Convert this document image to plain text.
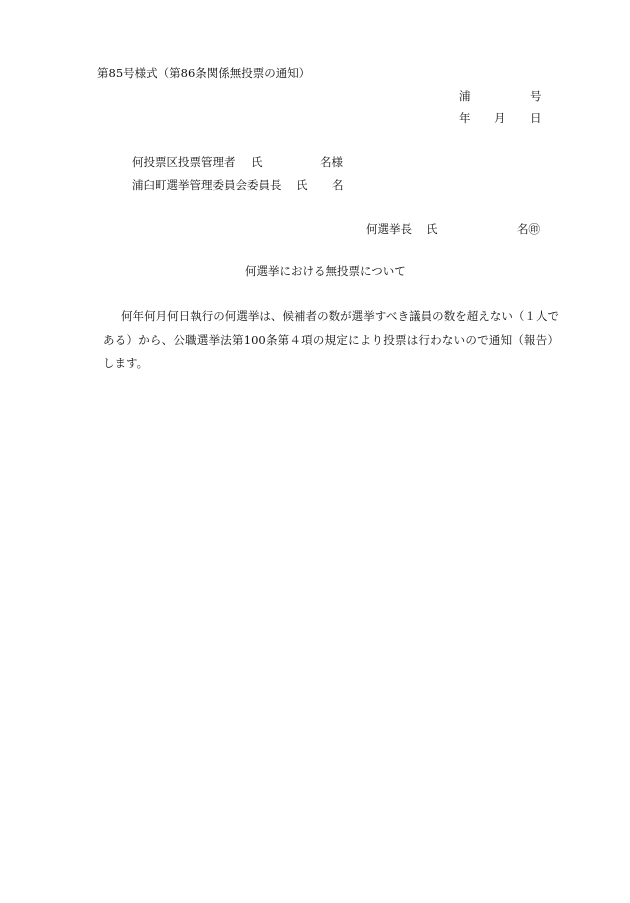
第85号様式（第86条関係無投票の通知）
浦	号
年 月 日
何投票区投票管理者 氏	名様
浦臼町選挙管理委員会委員長 氏 名
何選挙長 氏	名㊞
何選挙における無投票について

何年何月何日執行の何選挙は、候補者の数が選挙すべき議員の数を超えない（１人である）から、公職選挙法第100条第４項の規定により投票は行わないので通知（報告）します。
